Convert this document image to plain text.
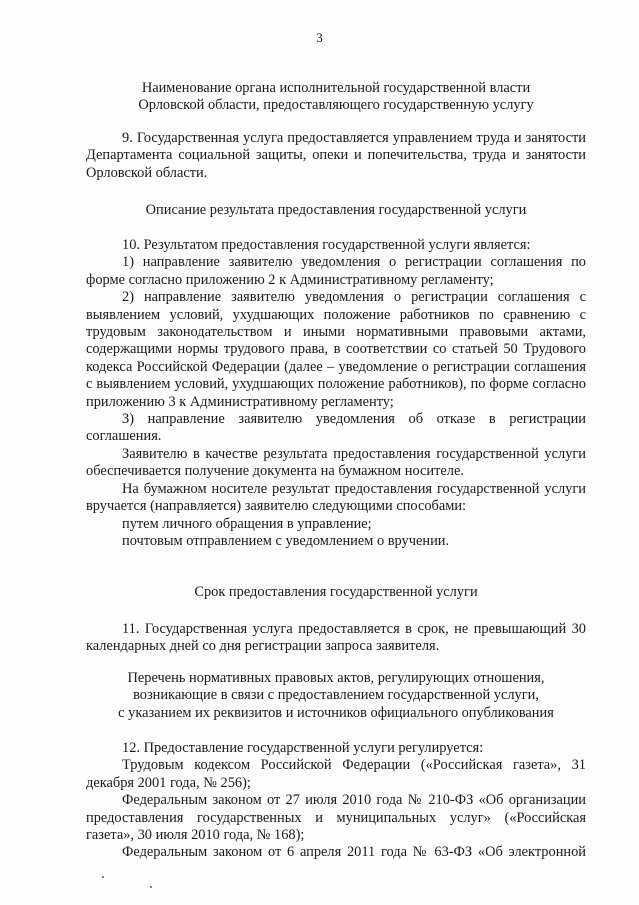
3
Наименование органа исполнительной государственной власти
Орловской области, предоставляющего государственную услугу
9. Государственная услуга предоставляется управлением труда и занятости Департамента социальной защиты, опеки и попечительства, труда и занятости Орловской области.
Описание результата предоставления государственной услуги

10. Результатом предоставления государственной услуги является:

1) направление заявителю уведомления о регистрации соглашения по форме согласно приложению 2 к Административному регламенту;

2) направление заявителю уведомления о регистрации соглашения с выявлением условий, ухудшающих положение работников по сравнению с трудовым законодательством и иными нормативными правовыми актами, содержащими нормы трудового права, в соответствии со статьей 50 Трудового кодекса Российской Федерации (далее – уведомление о регистрации соглашения с выявлением условий, ухудшающих положение работников), по форме согласно приложению 3 к Административному регламенту;

3) направление заявителю уведомления об отказе в регистрации соглашения.

Заявителю в качестве результата предоставления государственной услуги обеспечивается получение документа на бумажном носителе.

На бумажном носителе результат предоставления государственной услуги вручается (направляется) заявителю следующими способами:

путем личного обращения в управление;

почтовым отправлением с уведомлением о вручении.

Срок предоставления государственной услуги
11. Государственная услуга предоставляется в срок, не превышающий 30 календарных дней со дня регистрации запроса заявителя.
Перечень нормативных правовых актов, регулирующих отношения,
возникающие в связи с предоставлением государственной услуги,
с указанием их реквизитов и источников официального опубликования

12. Предоставление государственной услуги регулируется:

Трудовым кодексом Российской Федерации («Российская газета», 31 декабря 2001 года, № 256);

Федеральным законом от 27 июля 2010 года № 210-ФЗ «Об организации предоставления государственных и муниципальных услуг» («Российская газета», 30 июля 2010 года, № 168);

Федеральным законом от 6 апреля 2011 года № 63-ФЗ «Об электронной
